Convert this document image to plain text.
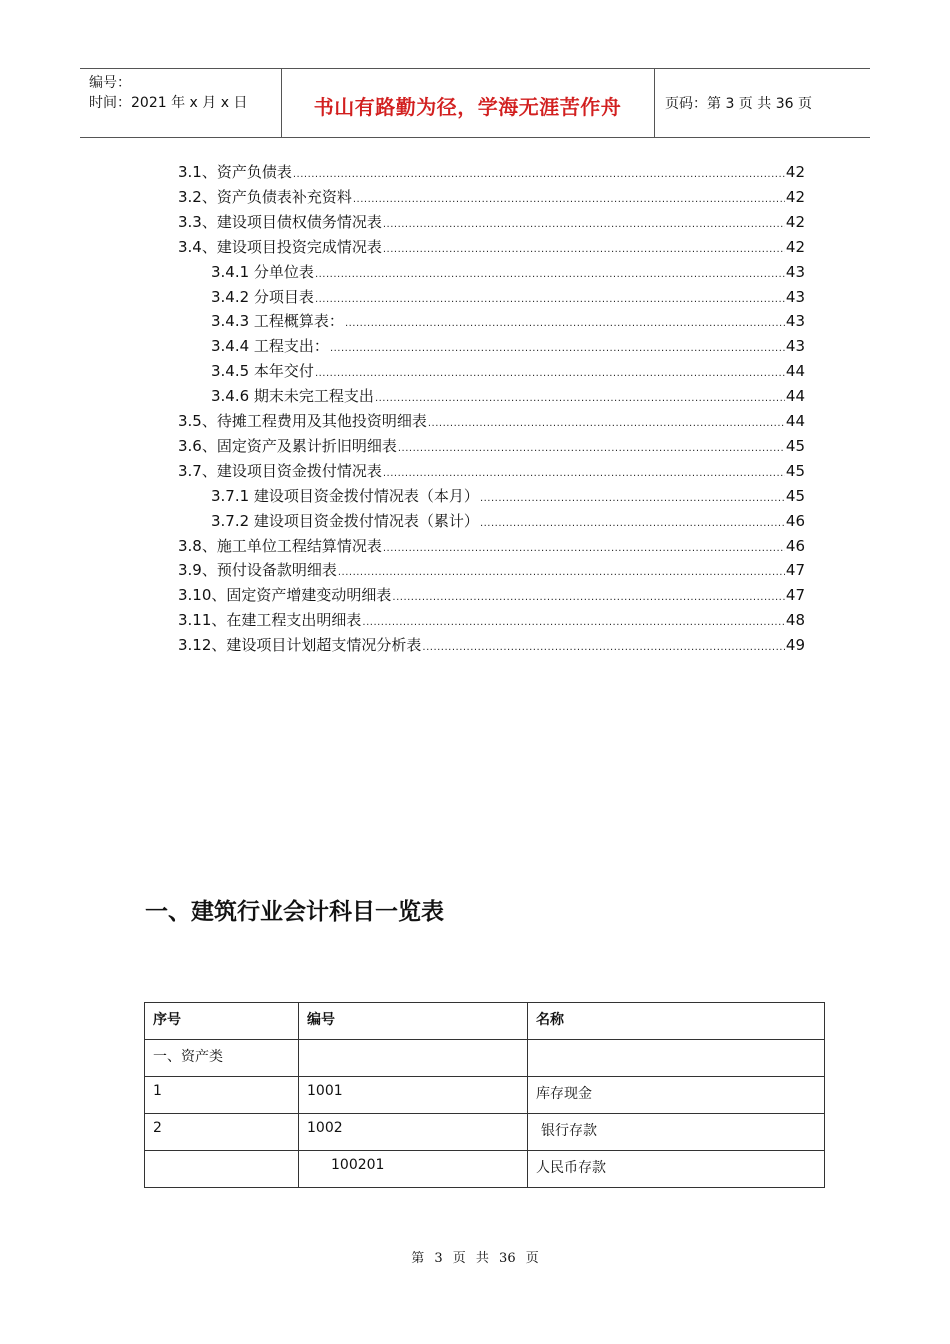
编号：
时间：2021 年 x 月 x 日	书山有路勤为径，学海无涯苦作舟	页码：第 3 页 共 36 页
3.1、资产负债表 .....	42
3.2、资产负债表补充资料 .....	42
3.3、建设项目债权债务情况表 .....	42
3.4、建设项目投资完成情况表 .....	42
3.4.1 分单位表 .....	43
3.4.2 分项目表 .....	43
3.4.3 工程概算表： .....	43
3.4.4 工程支出： .....	43
3.4.5 本年交付 .....	44
3.4.6 期末未完工程支出 .....	44
3.5、待摊工程费用及其他投资明细表 .....	44
3.6、固定资产及累计折旧明细表 .....	45
3.7、建设项目资金拨付情况表 .....	45
3.7.1 建设项目资金拨付情况表（本月） .....	45
3.7.2 建设项目资金拨付情况表（累计） .....	46
3.8、施工单位工程结算情况表 .....	46
3.9、预付设备款明细表 .....	47
3.10、固定资产增建变动明细表 .....	47
3.11、在建工程支出明细表 .....	48
3.12、建设项目计划超支情况分析表 .....	49
一、建筑行业会计科目一览表
序号	编号	名称
一、资产类		
1	1001	库存现金
2	1002	银行存款
	100201	人民币存款
第 3 页 共 36 页
